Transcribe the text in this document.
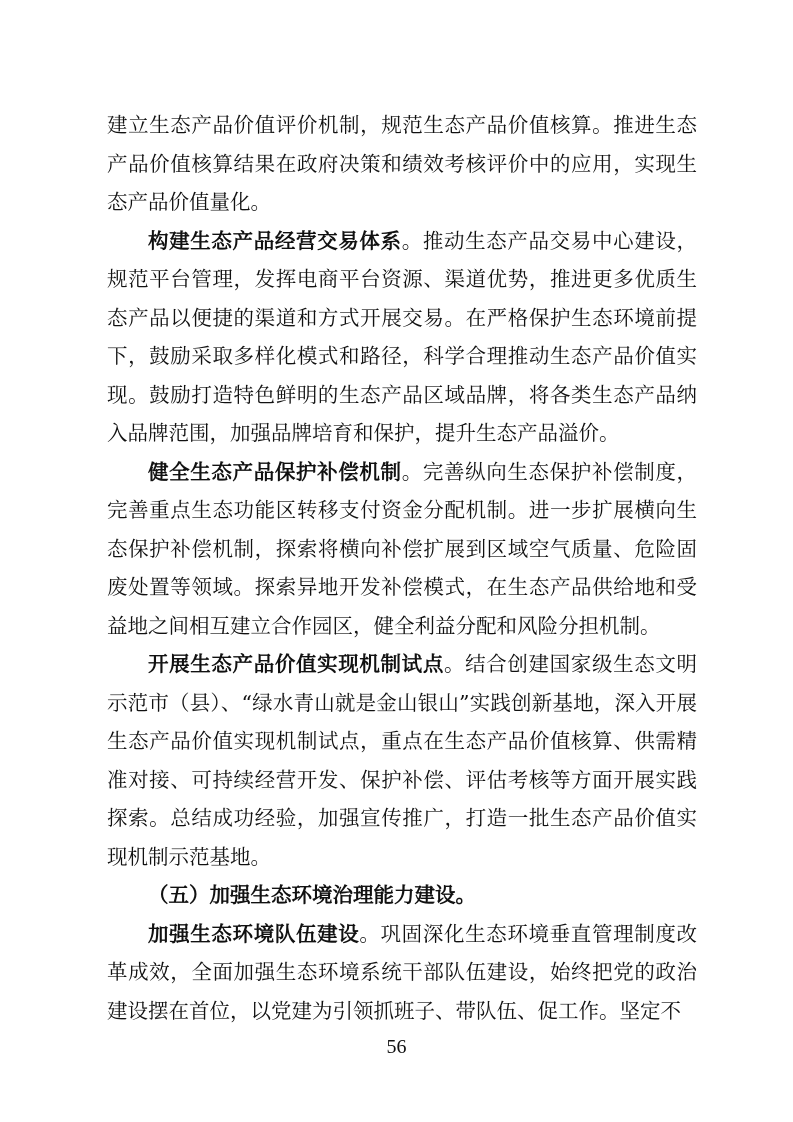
建立生态产品价值评价机制，规范生态产品价值核算。推进生态产品价值核算结果在政府决策和绩效考核评价中的应用，实现生态产品价值量化。

构建生态产品经营交易体系。推动生态产品交易中心建设，规范平台管理，发挥电商平台资源、渠道优势，推进更多优质生态产品以便捷的渠道和方式开展交易。在严格保护生态环境前提下，鼓励采取多样化模式和路径，科学合理推动生态产品价值实现。鼓励打造特色鲜明的生态产品区域品牌，将各类生态产品纳入品牌范围，加强品牌培育和保护，提升生态产品溢价。

健全生态产品保护补偿机制。完善纵向生态保护补偿制度，完善重点生态功能区转移支付资金分配机制。进一步扩展横向生态保护补偿机制，探索将横向补偿扩展到区域空气质量、危险固废处置等领域。探索异地开发补偿模式，在生态产品供给地和受益地之间相互建立合作园区，健全利益分配和风险分担机制。

开展生态产品价值实现机制试点。结合创建国家级生态文明示范市（县）、“绿水青山就是金山银山”实践创新基地，深入开展生态产品价值实现机制试点，重点在生态产品价值核算、供需精准对接、可持续经营开发、保护补偿、评估考核等方面开展实践探索。总结成功经验，加强宣传推广，打造一批生态产品价值实现机制示范基地。

（五）加强生态环境治理能力建设。

加强生态环境队伍建设。巩固深化生态环境垂直管理制度改革成效，全面加强生态环境系统干部队伍建设，始终把党的政治建设摆在首位，以党建为引领抓班子、带队伍、促工作。坚定不

56
